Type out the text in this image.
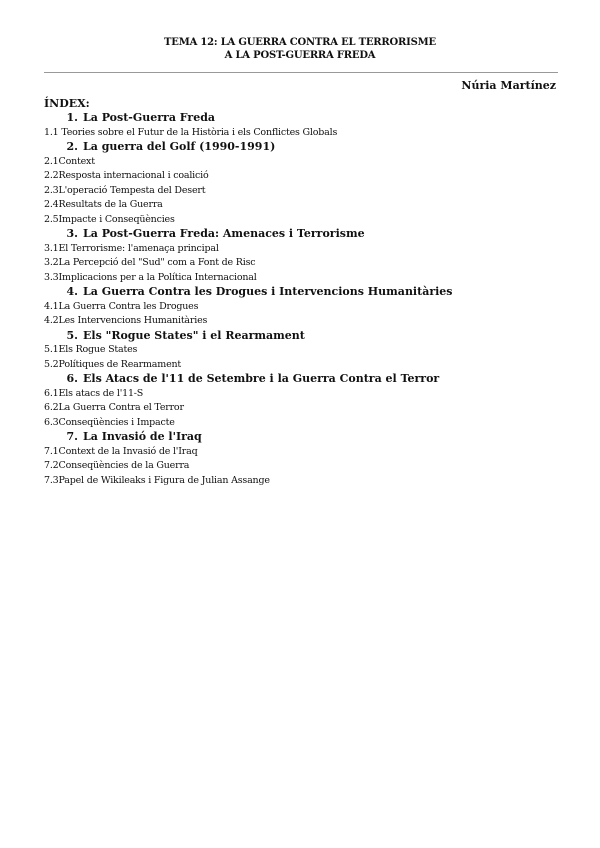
TEMA 12: LA GUERRA CONTRA EL TERRORISME
A LA POST-GUERRA FREDA
Núria Martínez
ÍNDEX:
1. La Post-Guerra Freda
1.1 Teories sobre el Futur de la Història i els Conflictes Globals
2. La guerra del Golf (1990-1991)
2.1Context
2.2Resposta internacional i coalició
2.3L'operació Tempesta del Desert
2.4Resultats de la Guerra
2.5Impacte i Conseqüències
3. La Post-Guerra Freda: Amenaces i Terrorisme
3.1El Terrorisme: l'amenaça principal
3.2La Percepció del "Sud" com a Font de Risc
3.3Implicacions per a la Política Internacional
4. La Guerra Contra les Drogues i Intervencions Humanitàries
4.1La Guerra Contra les Drogues
4.2Les Intervencions Humanitàries
5. Els "Rogue States" i el Rearmament
5.1Els Rogue States
5.2Polítiques de Rearmament
6. Els Atacs de l'11 de Setembre i la Guerra Contra el Terror
6.1Els atacs de l'11-S
6.2La Guerra Contra el Terror
6.3Conseqüències i Impacte
7. La Invasió de l'Iraq
7.1Context de la Invasió de l'Iraq
7.2Conseqüències de la Guerra
7.3Papel de Wikileaks i Figura de Julian Assange
